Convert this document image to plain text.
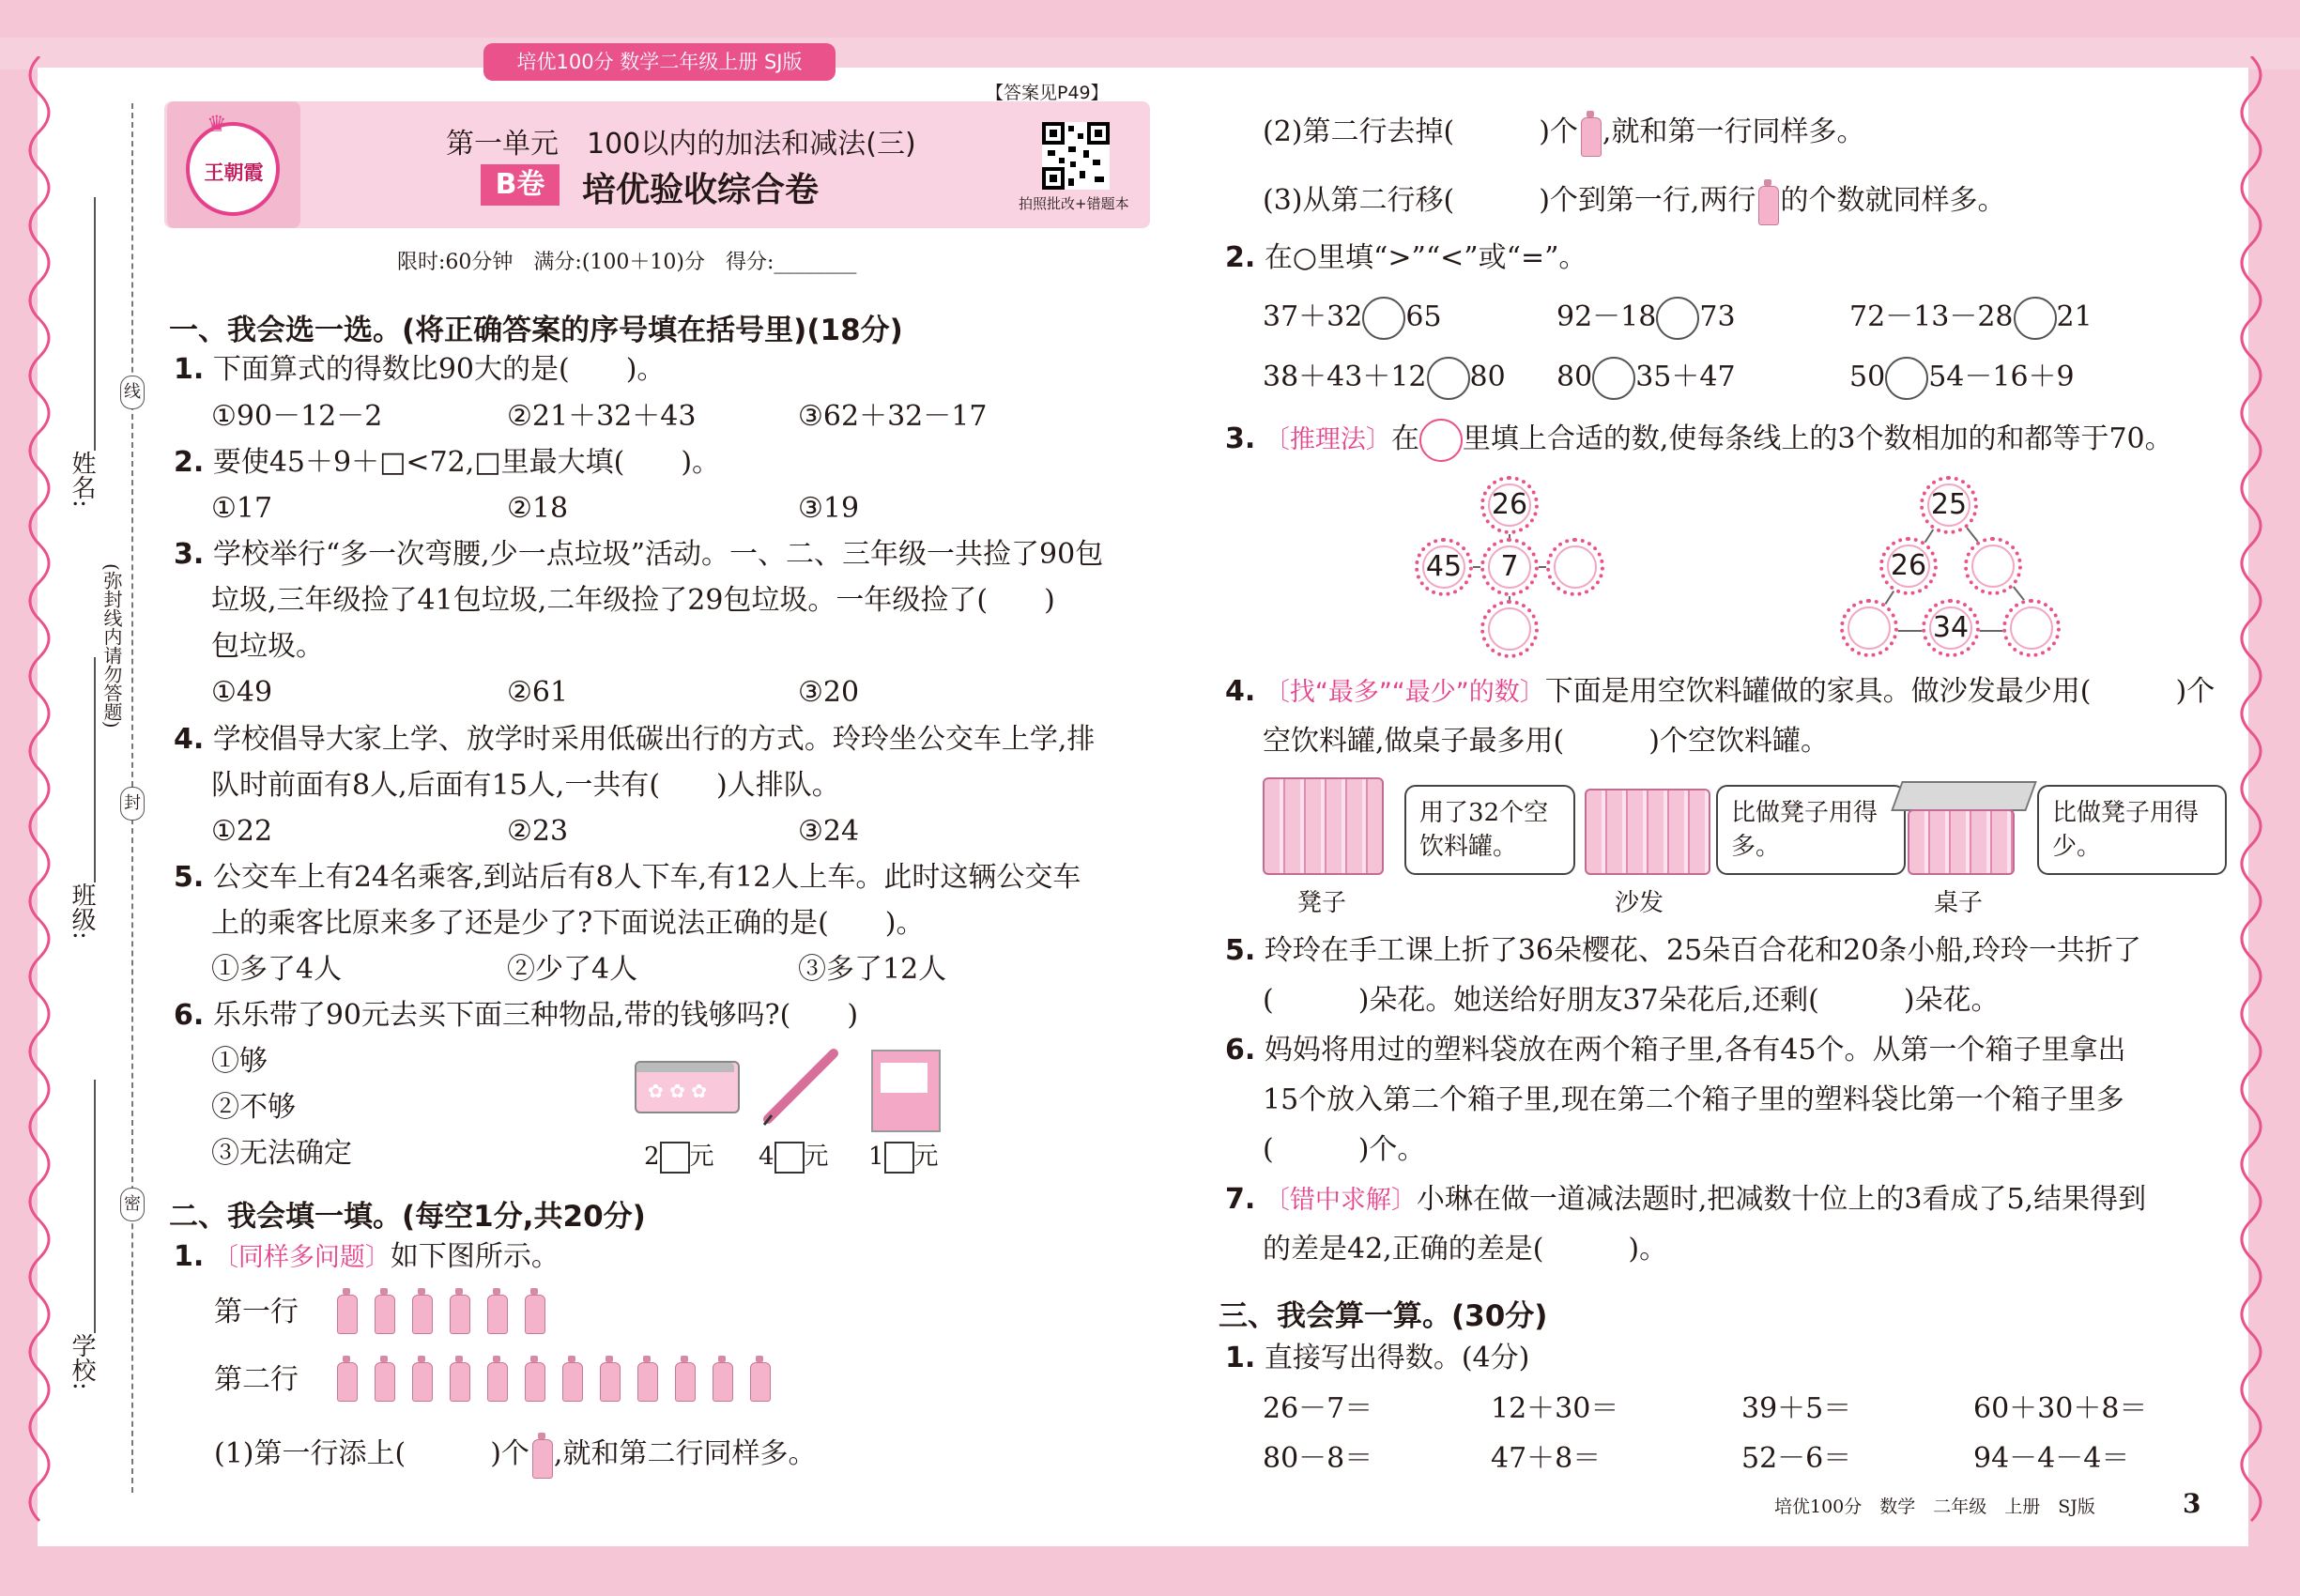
培优100分 数学二年级上册 SJ版
姓名:
班级:
学校:
线
封
密
(弥封线内请勿答题)
王朝霞
♛
第一单元　100以内的加法和减法(三)
B卷	培优验收综合卷
【答案见P49】
拍照批改+错题本
限时:60分钟　满分:(100＋10)分　得分:________
一、我会选一选。(将正确答案的序号填在括号里)(18分)
1. 下面算式的得数比90大的是(　　)。
①90－12－2	②21＋32＋43	③62＋32－17
2. 要使45＋9＋□<72,□里最大填(　　)。
①17	②18	③19
3. 学校举行“多一次弯腰,少一点垃圾”活动。一、二、三年级一共捡了90包
垃圾,三年级捡了41包垃圾,二年级捡了29包垃圾。一年级捡了(　　)
包垃圾。
①49	②61	③20
4. 学校倡导大家上学、放学时采用低碳出行的方式。玲玲坐公交车上学,排
队时前面有8人,后面有15人,一共有(　　)人排队。
①22	②23	③24
5. 公交车上有24名乘客,到站后有8人下车,有12人上车。此时这辆公交车
上的乘客比原来多了还是少了?下面说法正确的是(　　)。
①多了4人	②少了4人	③多了12人
6. 乐乐带了90元去买下面三种物品,带的钱够吗?(　　)
①够
②不够
③无法确定
✿ ✿ ✿
2 元 4 元 1 元
二、我会填一填。(每空1分,共20分)
1. 〔同样多问题〕如下图所示。
第一行
第二行
(1)第一行添上(　　　)个 ,就和第二行同样多。
(2)第二行去掉(　　　)个 ,就和第一行同样多。
(3)从第二行移(　　　)个到第一行,两行 的个数就同样多。
2. 在○里填“>”“<”或“=”。
37＋32 65	92－18 73	72－13－28 21
38＋43＋12 80 80 35＋47	50 54－16＋9
3. 〔推理法〕在 里填上合适的数,使每条线上的3个数相加的和都等于70。
26
45	7
25
26
34
4. 〔找“最多”“最少”的数〕下面是用空饮料罐做的家具。做沙发最少用(　　　)个
空饮料罐,做桌子最多用(　　　)个空饮料罐。
用了32个空饮料罐。
凳子
比做凳子用得多。
沙发
比做凳子用得少。
桌子
5. 玲玲在手工课上折了36朵樱花、25朵百合花和20条小船,玲玲一共折了
(　　　)朵花。她送给好朋友37朵花后,还剩(　　　)朵花。
6. 妈妈将用过的塑料袋放在两个箱子里,各有45个。从第一个箱子里拿出
15个放入第二个箱子里,现在第二个箱子里的塑料袋比第一个箱子里多
(　　　)个。
7. 〔错中求解〕小琳在做一道减法题时,把减数十位上的3看成了5,结果得到
的差是42,正确的差是(　　　)。
三、我会算一算。(30分)
1. 直接写出得数。(4分)
26－7＝	12＋30＝	39＋5＝	60＋30＋8＝
80－8＝	47＋8＝	52－6＝	94－4－4＝
培优100分　数学　二年级　上册　SJ版	3
